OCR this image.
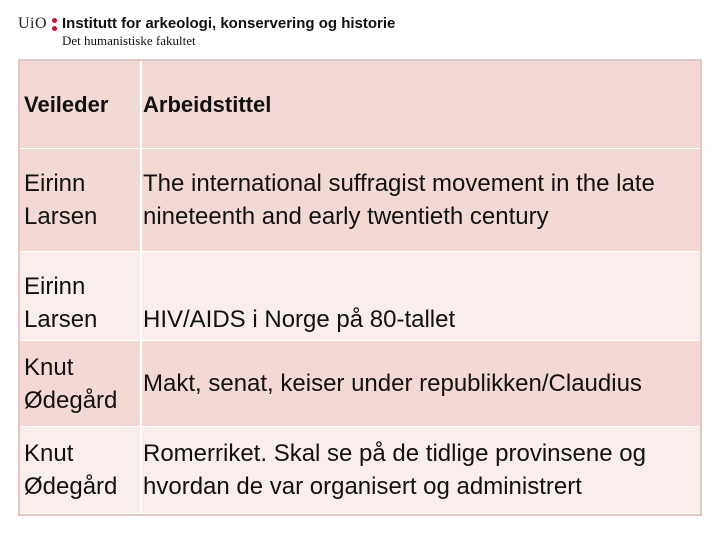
UiO Institutt for arkeologi, konservering og historie
Det humanistiske fakultet
Veileder	Arbeidstittel
Eirinn Larsen
The international suffragist movement in the late nineteenth and early twentieth century
Eirinn Larsen	HIV/AIDS i Norge på 80-tallet
Knut Ødegård
Makt, senat, keiser under republikken/Claudius
Knut Ødegård
Romerriket. Skal se på de tidlige provinsene og hvordan de var organisert og administrert
